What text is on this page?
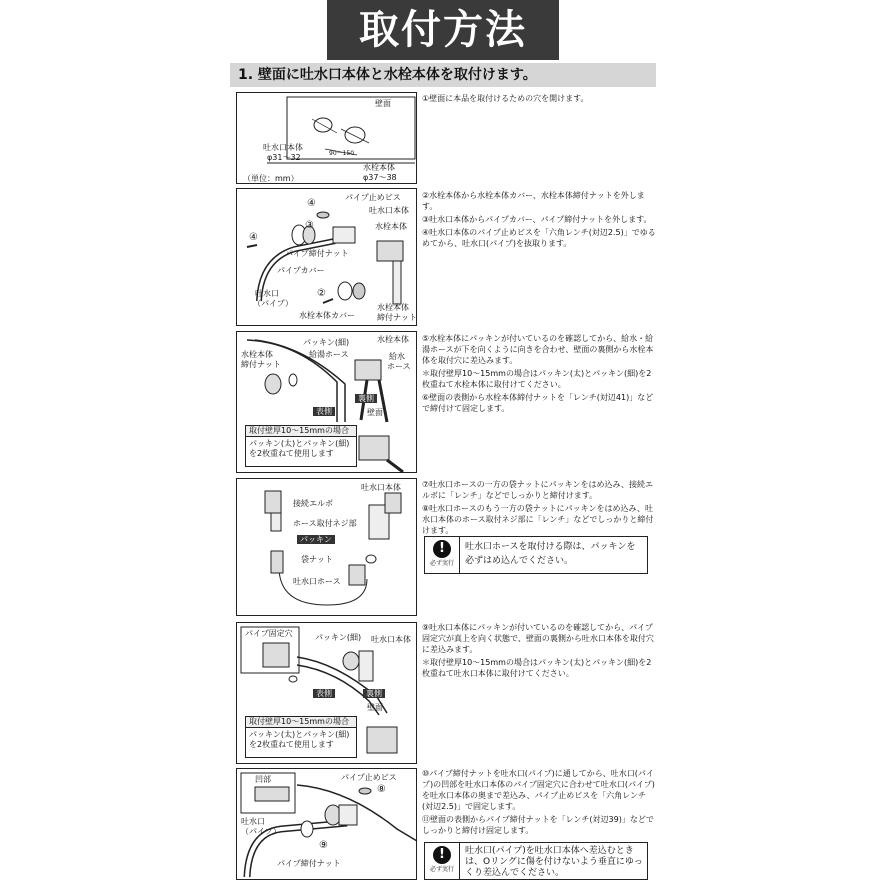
取付方法
1. 壁面に吐水口本体と水栓本体を取付けます。
壁面
吐水口本体
φ31～32
水栓本体
φ37～38
90～150
（単位：mm）
パイプ止めビス
吐水口本体
水栓本体
パイプ締付ナット
パイプカバー
吐水口
（パイプ）
水栓本体カバー
水栓本体
締付ナット
④
③
④
②
水栓本体
締付ナット
パッキン(細)
給湯ホース
水栓本体
給水
ホース
裏側
表側	壁面
取付壁厚10～15mmの場合
パッキン(太)とパッキン(細)
を2枚重ねて使用します
吐水口本体
接続エルボ
ホース取付ネジ部
パッキン
袋ナット
吐水口ホース
パイプ固定穴	パッキン(細) 吐水口本体
表側	裏側
壁面
取付壁厚10～15mmの場合
パッキン(太)とパッキン(細)
を2枚重ねて使用します
凹部	パイプ止めビス
⑧
吐水口
（パイプ）
⑨
パイプ締付ナット

①壁面に本品を取付けるための穴を開けます。

②水栓本体から水栓本体カバー、水栓本体締付ナットを外します。

③吐水口本体からパイプカバー、パイプ締付ナットを外します。

④吐水口本体のパイプ止めビスを「六角レンチ(対辺2.5)」でゆるめてから、吐水口(パイプ)を抜取ります。

⑤水栓本体にパッキンが付いているのを確認してから、給水・給湯ホースが下を向くように向きを合わせ、壁面の裏側から水栓本体を取付穴に差込みます。

＊取付壁厚10～15mmの場合はパッキン(太)とパッキン(細)を2枚重ねて水栓本体に取付けてください。

⑥壁面の表側から水栓本体締付ナットを「レンチ(対辺41)」などで締付けて固定します。

⑦吐水口ホースの一方の袋ナットにパッキンをはめ込み、接続エルボに「レンチ」などでしっかりと締付けます。

⑧吐水口ホースのもう一方の袋ナットにパッキンをはめ込み、吐水口本体のホース取付ネジ部に「レンチ」などでしっかりと締付けます。

!
必ず実行
吐水口ホースを取付ける際は、パッキンを必ずはめ込んでください。

⑨吐水口本体にパッキンが付いているのを確認してから、パイプ固定穴が真上を向く状態で、壁面の裏側から吐水口本体を取付穴に差込みます。

＊取付壁厚10～15mmの場合はパッキン(太)とパッキン(細)を2枚重ねて吐水口本体に取付けてください。

⑩パイプ締付ナットを吐水口(パイプ)に通してから、吐水口(パイプ)の凹部を吐水口本体のパイプ固定穴に合わせて吐水口(パイプ)を吐水口本体の奥まで差込み、パイプ止めビスを「六角レンチ(対辺2.5)」で固定します。

⑪壁面の表側からパイプ締付ナットを「レンチ(対辺39)」などでしっかりと締付け固定します。

!
必ず実行
吐水口(パイプ)を吐水口本体へ差込むときは、Oリングに傷を付けないよう垂直にゆっくり差込んでください。
